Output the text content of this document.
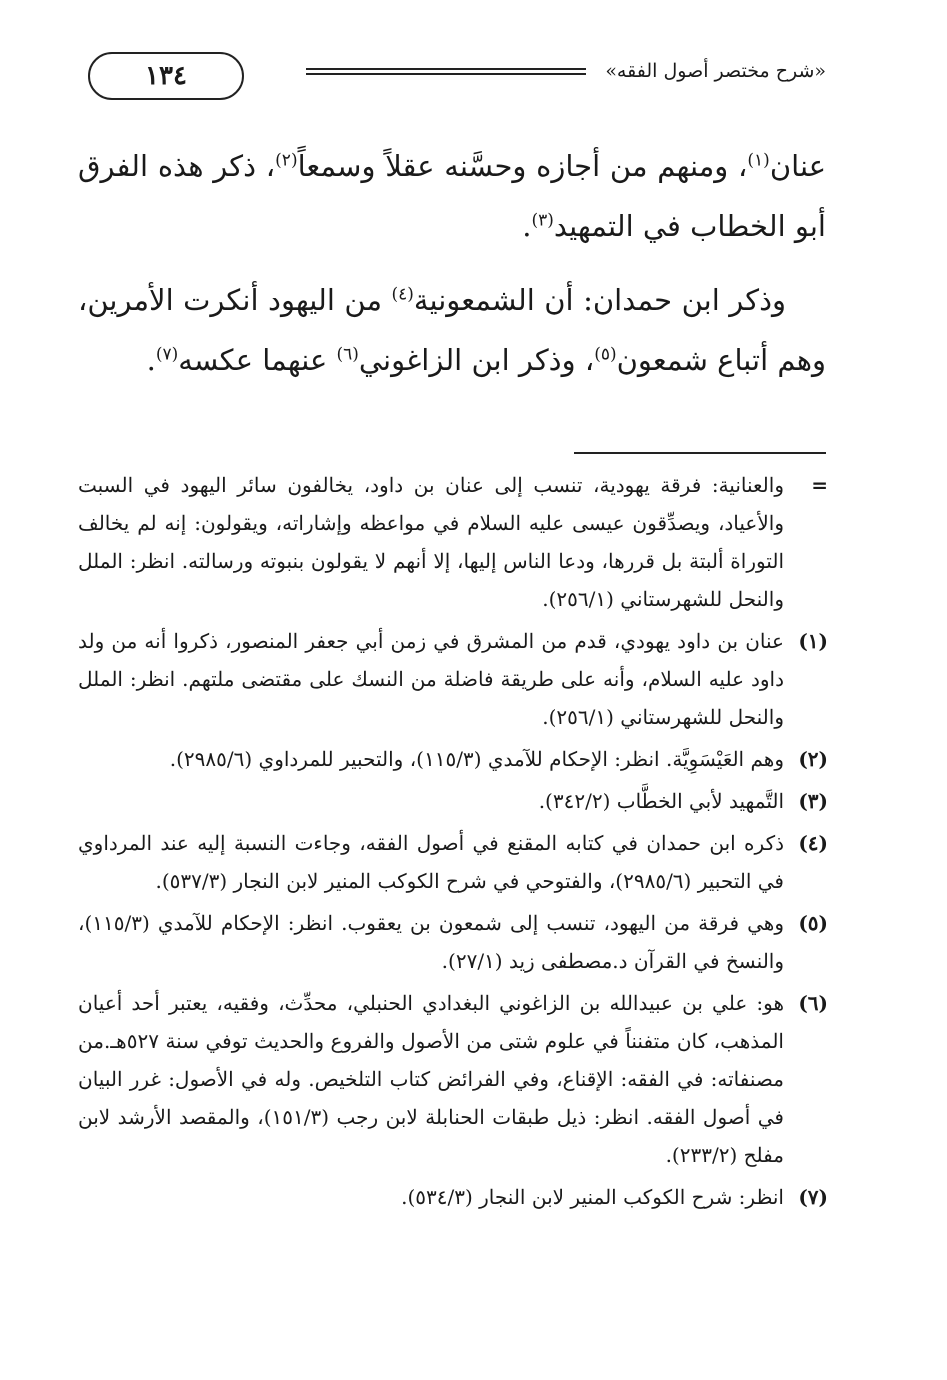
١٣٤	«شرح مختصر أصول الفقه»

عنان$^{(١)}$، ومنهم من أجازه وحسَّنه عقلاً وسمعاً$^{(٢)}$، ذكر هذه الفرق أبو الخطاب في التمهيد$^{(٣)}$.

وذكر ابن حمدان: أن الشمعونية$^{(٤)}$ من اليهود أنكرت الأمرين، وهم أتباع شمعون$^{(٥)}$، وذكر ابن الزاغوني$^{(٦)}$ عنهما عكسه$^{(٧)}$.

=
والعنانية: فرقة يهودية، تنسب إلى عنان بن داود، يخالفون سائر اليهود في السبت والأعياد، ويصدِّقون عيسى عليه السلام في مواعظه وإشاراته، ويقولون: إنه لم يخالف التوراة ألبتة بل قررها، ودعا الناس إليها، إلا أنهم لا يقولون بنبوته ورسالته. انظر: الملل والنحل للشهرستاني (٢٥٦/١).
(١)
عنان بن داود يهودي، قدم من المشرق في زمن أبي جعفر المنصور، ذكروا أنه من ولد داود عليه السلام، وأنه على طريقة فاضلة من النسك على مقتضى ملتهم. انظر: الملل والنحل للشهرستاني (٢٥٦/١).
(٢)
وهم العَيْسَوِيَّة. انظر: الإحكام للآمدي (١١٥/٣)، والتحبير للمرداوي (٢٩٨٥/٦).
(٣)
التَّمهيد لأبي الخطَّاب (٣٤٢/٢).
(٤)
ذكره ابن حمدان في كتابه المقنع في أصول الفقه، وجاءت النسبة إليه عند المرداوي في التحبير (٢٩٨٥/٦)، والفتوحي في شرح الكوكب المنير لابن النجار (٥٣٧/٣).
(٥)
وهي فرقة من اليهود، تنسب إلى شمعون بن يعقوب. انظر: الإحكام للآمدي (١١٥/٣)، والنسخ في القرآن د.مصطفى زيد (٢٧/١).
(٦)
هو: علي بن عبيدالله بن الزاغوني البغدادي الحنبلي، محدِّث، وفقيه، يعتبر أحد أعيان المذهب، كان متفنناً في علوم شتى من الأصول والفروع والحديث توفي سنة ٥٢٧هـ.من مصنفاته: في الفقه: الإقناع، وفي الفرائض كتاب التلخيص. وله في الأصول: غرر البيان في أصول الفقه. انظر: ذيل طبقات الحنابلة لابن رجب (١٥١/٣)، والمقصد الأرشد لابن مفلح (٢٣٣/٢).
(٧)
انظر: شرح الكوكب المنير لابن النجار (٥٣٤/٣).
